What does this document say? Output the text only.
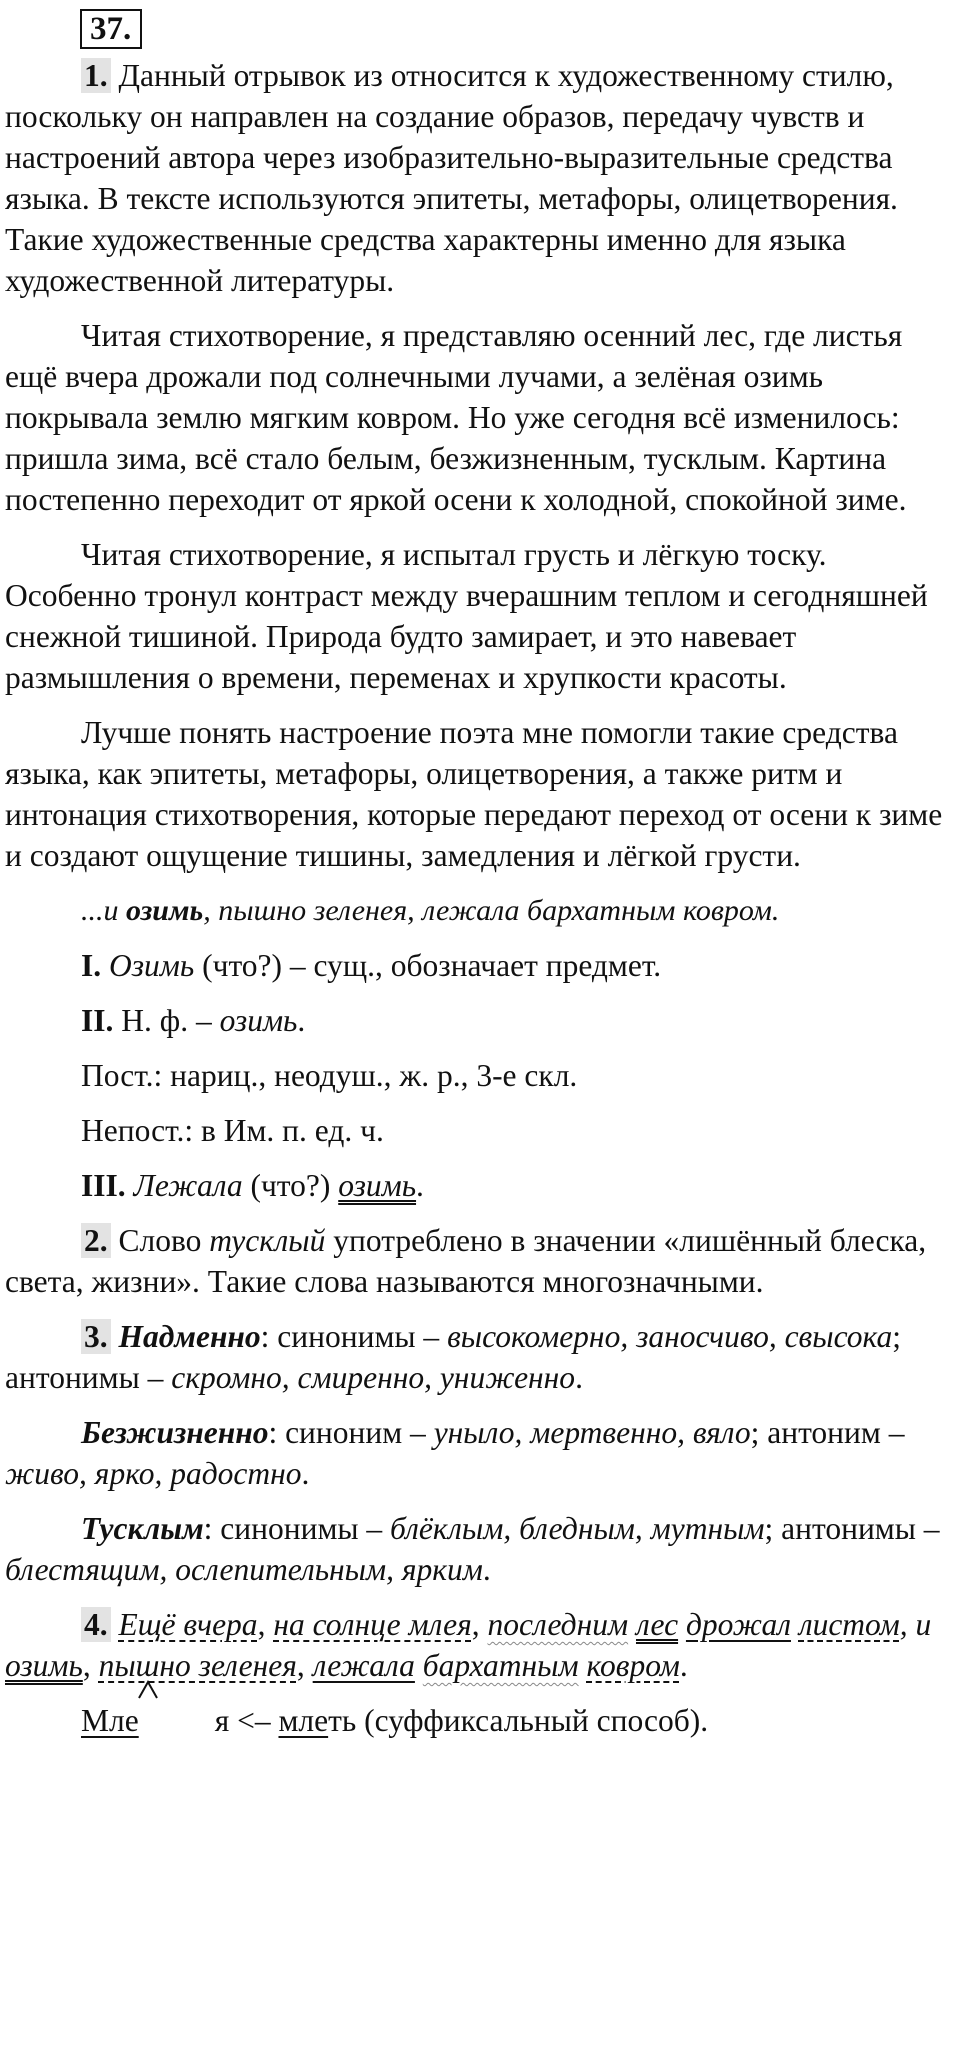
37.

1. Данный отрывок из относится к художественному стилю, поскольку он направлен на создание образов, передачу чувств и настроений автора через изобразительно-выразительные средства языка. В тексте используются эпитеты, метафоры, олицетворения. Такие художественные средства характерны именно для языка художественной литературы.

Читая стихотворение, я представляю осенний лес, где листья ещё вчера дрожали под солнечными лучами, а зелёная озимь покрывала землю мягким ковром. Но уже сегодня всё изменилось: пришла зима, всё стало белым, безжизненным, тусклым. Картина постепенно переходит от яркой осени к холодной, спокойной зиме.

Читая стихотворение, я испытал грусть и лёгкую тоску. Особенно тронул контраст между вчерашним теплом и сегодняшней снежной тишиной. Природа будто замирает, и это навевает размышления о времени, переменах и хрупкости красоты.

Лучше понять настроение поэта мне помогли такие средства языка, как эпитеты, метафоры, олицетворения, а также ритм и интонация стихотворения, которые передают переход от осени к зиме и создают ощущение тишины, замедления и лёгкой грусти.

...и озимь, пышно зеленея, лежала бархатным ковром.

I. Озимь (что?) – сущ., обозначает предмет.

II. Н. ф. – озимь.

Пост.: нариц., неодуш., ж. р., 3-е скл.

Непост.: в Им. п. ед. ч.

III. Лежала (что?) озимь.

2. Слово тусклый употреблено в значении «лишённый блеска, света, жизни». Такие слова называются многозначными.

3. Надменно: синонимы – высокомерно, заносчиво, свысока; антонимы – скромно, смиренно, униженно.

Безжизненно: синоним – уныло, мертвенно, вяло; антоним – живо, ярко, радостно.

Тусклым: синонимы – блёклым, бледным, мутным; антонимы – блестящим, ослепительным, ярким.

4. Ещё вчера, на солнце млея, последним лес дрожал листом, и озимь, пышно зеленея, лежала бархатным ковром.

Мле я <– млеть (суффиксальный способ).
